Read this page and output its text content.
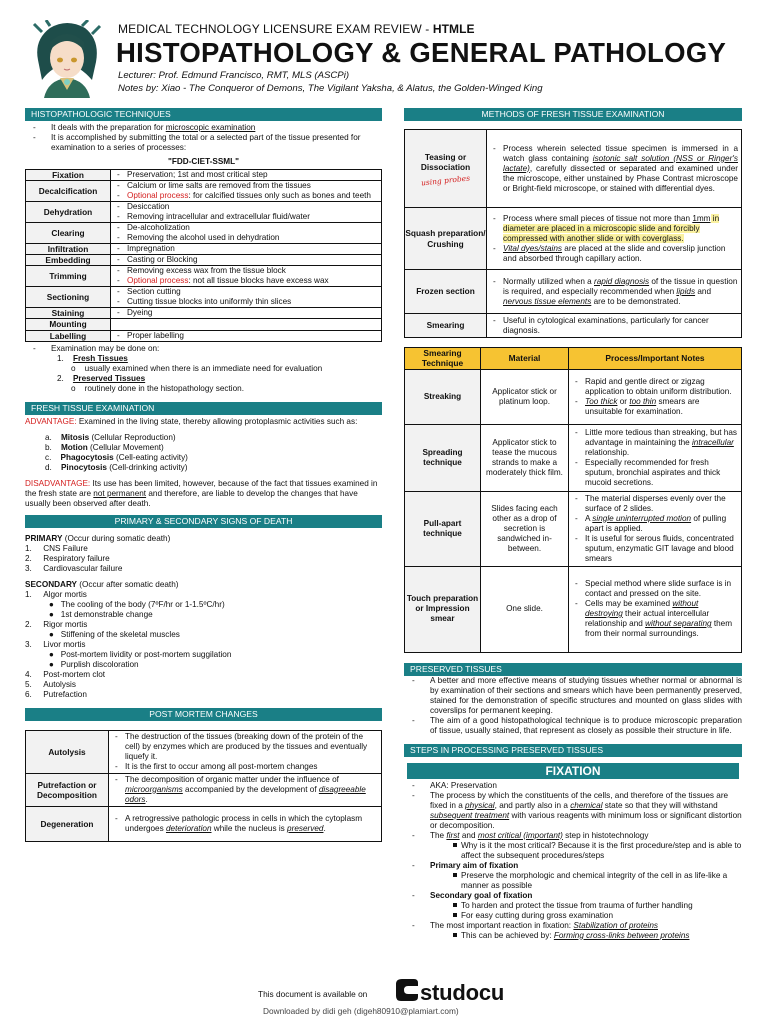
MEDICAL TECHNOLOGY LICENSURE EXAM REVIEW - HTMLE
HISTOPATHOLOGY & GENERAL PATHOLOGY
Lecturer: Prof. Edmund Francisco, RMT, MLS (ASCPi)
Notes by: Xiao - The Conqueror of Demons, The Vigilant Yaksha, & Alatus, the Golden-Winged King
HISTOPATHOLOGIC TECHNIQUES
- It deals with the preparation for microscopic examination
- It is accomplished by submitting the total or a selected part of the tissue presented for examination to a series of processes:
"FDD-CIET-SSML"
Fixation	- Preservation; 1st and most critical step

Decalcification	- Calcium or lime salts are removed from the tissues
- Optional process: for calcified tissues only such as bones and teeth

Dehydration	- Desiccation
- Removing intracellular and extracellular fluid/water

Clearing	- De-alcoholization
- Removing the alcohol used in dehydration

Infiltration	- Impregnation

Embedding	- Casting or Blocking

Trimming	- Removing excess wax from the tissue block
- Optional process: not all tissue blocks have excess wax

Sectioning	- Section cutting
- Cutting tissue blocks into uniformly thin slices

Staining	- Dyeing

Mounting	
Labelling	- Proper labelling
- Examination may be done on:
1.    Fresh Tissues
o    usually examined when there is an immediate need for evaluation
2.    Preserved Tissues
o    routinely done in the histopathology section.
FRESH TISSUE EXAMINATION
ADVANTAGE: Examined in the living state, thereby allowing protoplasmic activities such as:
a. Mitosis (Cellular Reproduction)
b. Motion (Cellular Movement)
c. Phagocytosis (Cell-eating activity)
d. Pinocytosis (Cell-drinking activity)
DISADVANTAGE: Its use has been limited, however, because of the fact that tissues examined in the fresh state are not permanent and therefore, are liable to develop the changes that have usually been observed after death.
PRIMARY & SECONDARY SIGNS OF DEATH
PRIMARY (Occur during somatic death)
1.     CNS Failure
2.     Respiratory failure
3.     Cardiovascular failure
SECONDARY (Occur after somatic death)
1.     Algor mortis
●   The cooling of the body (7ºF/hr or 1-1.5ºC/hr)
●   1st demonstrable change
2.     Rigor mortis
●   Stiffening of the skeletal muscles
3.     Livor mortis
●   Post-mortem lividity or post-mortem suggilation
●   Purplish discoloration
4.     Post-mortem clot
5.     Autolysis
6.     Putrefaction
POST MORTEM CHANGES
Autolysis	- The destruction of the tissues (breaking down of the protein of the cell) by enzymes which are produced by the tissues and eventually liquefy it.
- It is the first to occur among all post-mortem changes

Putrefaction or Decomposition	- The decomposition of organic matter under the influence of microorganisms accompanied by the development of disagreeable odors.

Degeneration	- A retrogressive pathologic process in cells in which the cytoplasm undergoes deterioration while the nucleus is preserved.
METHODS OF FRESH TISSUE EXAMINATION
Teasing or Dissociation
using probes	- Process wherein selected tissue specimen is immersed in a watch glass containing isotonic salt solution (NSS or Ringer's lactate), carefully dissected or separated and examined under the microscope, either unstained by Phase Contrast microscope or Bright-field microscope, or stained with differential dyes.

Squash preparation/ Crushing	- Process where small pieces of tissue not more than 1mm in diameter are placed in a microscopic slide and forcibly compressed with another slide or with coverglass.
- Vital dyes/stains are placed at the slide and coverslip junction and absorbed through capillary action.

Frozen section	- Normally utilized when a rapid diagnosis of the tissue in question is required, and especially recommended when lipids and nervous tissue elements are to be demonstrated.

Smearing	- Useful in cytological examinations, particularly for cancer diagnosis.
Smearing Technique	Material	Process/Important Notes
Streaking	Applicator stick or platinum loop.	- Rapid and gentle direct or zigzag application to obtain uniform distribution.
- Too thick or too thin smears are unsuitable for examination.

Spreading technique	Applicator stick to tease the mucous strands to make a moderately thick film.	- Little more tedious than streaking, but has advantage in maintaining the intracellular relationship.
- Especially recommended for fresh sputum, bronchial aspirates and thick mucoid secretions.

Pull-apart technique	Slides facing each other as a drop of secretion is sandwiched in-between.	- The material disperses evenly over the surface of 2 slides.
- A single uninterrupted motion of pulling apart is applied.
- It is useful for serous fluids, concentrated sputum, enzymatic GIT lavage and blood smears

Touch preparation or Impression smear	One slide.	- Special method where slide surface is in contact and pressed on the site.
- Cells may be examined without destroying their actual intercellular relationship and without separating them from their normal surroundings.
PRESERVED TISSUES
- A better and more effective means of studying tissues whether normal or abnormal is by examination of their sections and smears which have been permanently preserved, stained for the demonstration of specific structures and mounted on glass slides with coverslips for permanent keeping.
- The aim of a good histopathological technique is to produce microscopic preparation of tissue, usually stained, that represent as closely as possible their structure in life.
STEPS IN PROCESSING PRESERVED TISSUES
FIXATION
- AKA: Preservation
- The process by which the constituents of the cells, and therefore of the tissues are fixed in a physical, and partly also in a chemical state so that they will withstand subsequent treatment with various reagents with minimum loss or significant distortion or decomposition.
- The first and most critical (important) step in histotechnology
Why is it the most critical? Because it is the first procedure/step and is able to affect the subsequent procedures/steps
- Primary aim of fixation
Preserve the morphologic and chemical integrity of the cell in as life-like a manner as possible
- Secondary goal of fixation
To harden and protect the tissue from trauma of further handling
For easy cutting during gross examination
- The most important reaction in fixation: Stabilization of proteins
This can be achieved by: Forming cross-links between proteins
This document is available on	studocu
Downloaded by didi geh (digeh80910@plamiart.com)
